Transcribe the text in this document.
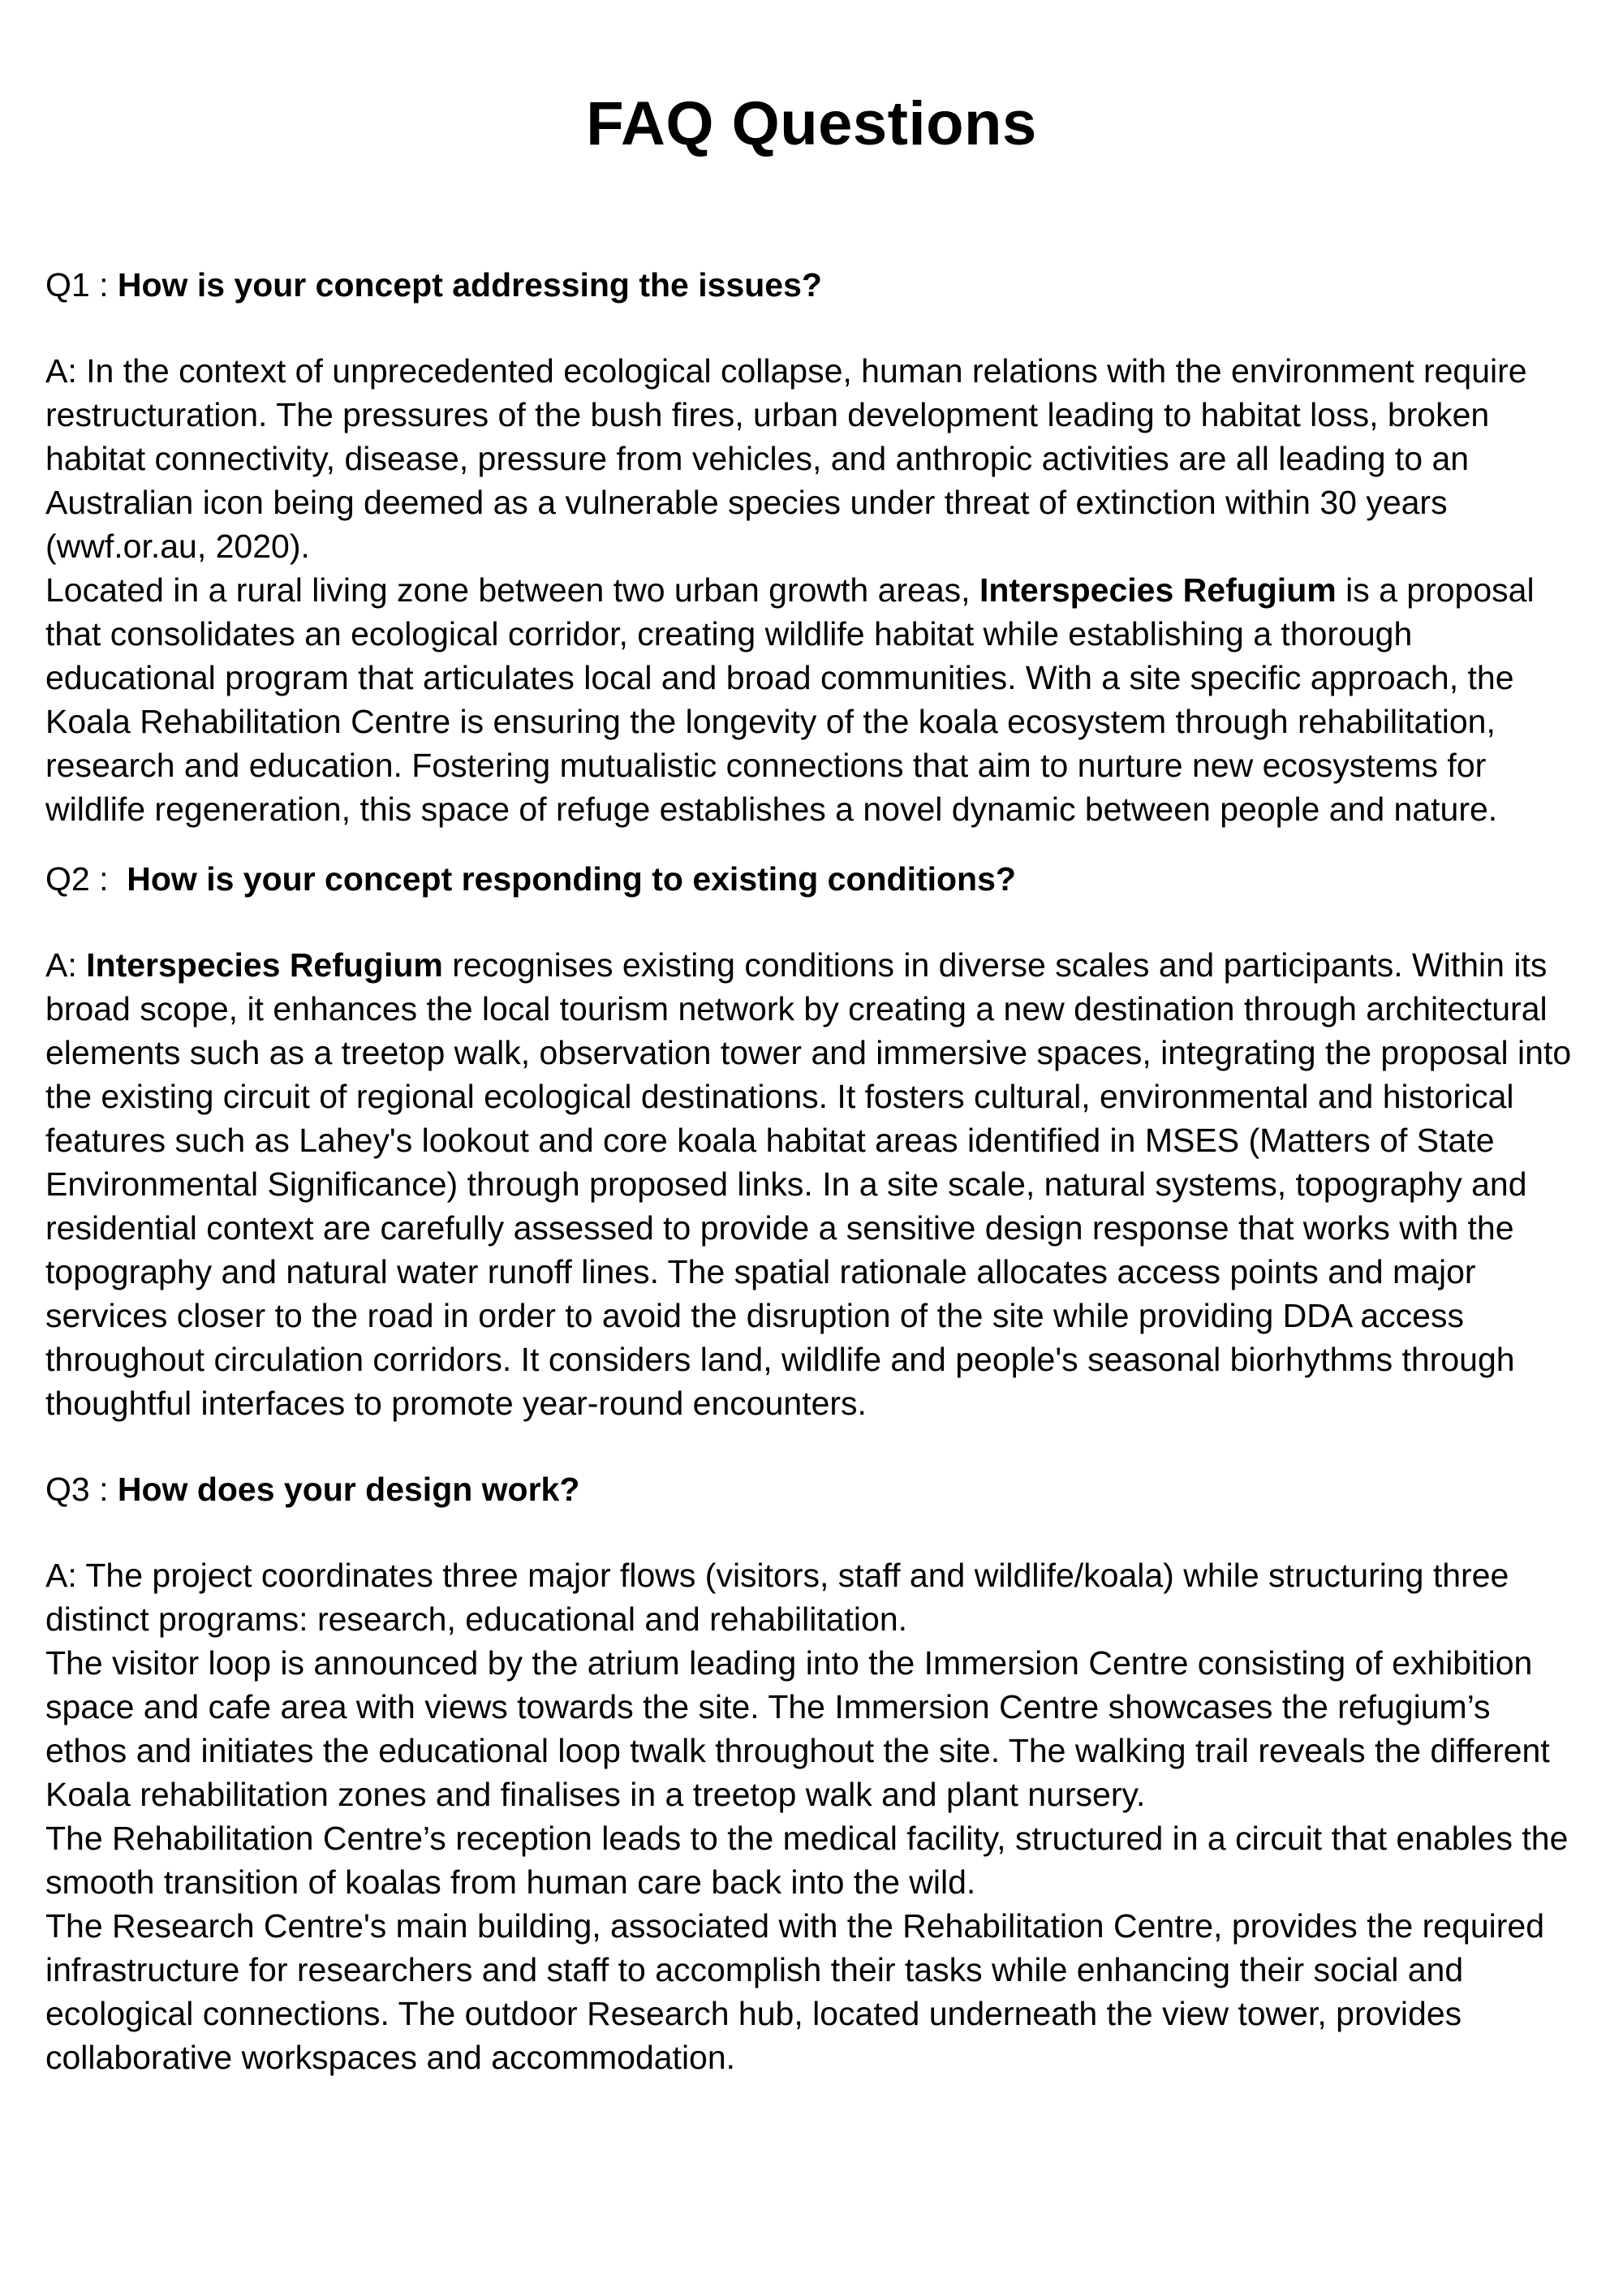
FAQ Questions

Q1 : How is your concept addressing the issues?

A: In the context of unprecedented ecological collapse, human relations with the environment require restructuration. The pressures of the bush fires, urban development leading to habitat loss, broken habitat connectivity, disease, pressure from vehicles, and anthropic activities are all leading to an Australian icon being deemed as a vulnerable species under threat of extinction within 30 years (wwf.or.au, 2020).
Located in a rural living zone between two urban growth areas, Interspecies Refugium is a proposal that consolidates an ecological corridor, creating wildlife habitat while establishing a thorough educational program that articulates local and broad communities. With a site specific approach, the Koala Rehabilitation Centre is ensuring the longevity of the koala ecosystem through rehabilitation, research and education. Fostering mutualistic connections that aim to nurture new ecosystems for wildlife regeneration, this space of refuge establishes a novel dynamic between people and nature.

Q2 : How is your concept responding to existing conditions?

A: Interspecies Refugium recognises existing conditions in diverse scales and participants. Within its broad scope, it enhances the local tourism network by creating a new destination through architectural elements such as a treetop walk, observation tower and immersive spaces, integrating the proposal into the existing circuit of regional ecological destinations. It fosters cultural, environmental and historical features such as Lahey's lookout and core koala habitat areas identified in MSES (Matters of State Environmental Significance) through proposed links. In a site scale, natural systems, topography and residential context are carefully assessed to provide a sensitive design response that works with the topography and natural water runoff lines. The spatial rationale allocates access points and major services closer to the road in order to avoid the disruption of the site while providing DDA access throughout circulation corridors. It considers land, wildlife and people's seasonal biorhythms through thoughtful interfaces to promote year-round encounters.

Q3 : How does your design work?

A: The project coordinates three major flows (visitors, staff and wildlife/koala) while structuring three distinct programs: research, educational and rehabilitation.
The visitor loop is announced by the atrium leading into the Immersion Centre consisting of exhibition space and cafe area with views towards the site. The Immersion Centre showcases the refugium’s ethos and initiates the educational loop twalk throughout the site. The walking trail reveals the different Koala rehabilitation zones and finalises in a treetop walk and plant nursery.
The Rehabilitation Centre’s reception leads to the medical facility, structured in a circuit that enables the smooth transition of koalas from human care back into the wild.
The Research Centre's main building, associated with the Rehabilitation Centre, provides the required infrastructure for researchers and staff to accomplish their tasks while enhancing their social and ecological connections. The outdoor Research hub, located underneath the view tower, provides collaborative workspaces and accommodation.
